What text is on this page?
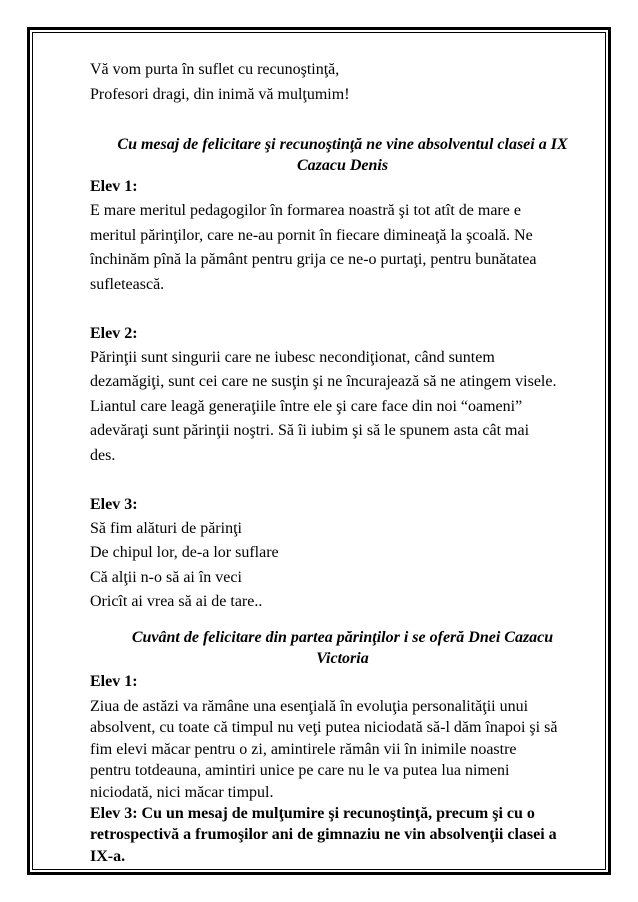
Vă vom purta în suflet cu recunoştinţă,
Profesori dragi, din inimă vă mulţumim!
Cu mesaj de felicitare şi recunoştinţă ne vine absolventul clasei a IX
Cazacu Denis
Elev 1:
E mare meritul pedagogilor în formarea noastră şi tot atît de mare e
meritul părinţilor, care ne-au pornit în fiecare dimineaţă la şcoală. Ne
închinăm pînă la pământ pentru grija ce ne-o purtaţi, pentru bunătatea
sufletească.
Elev 2:
Părinţii sunt singurii care ne iubesc necondiţionat, când suntem
dezamăgiţi, sunt cei care ne susţin şi ne încurajează să ne atingem visele.
Liantul care leagă generaţiile între ele şi care face din noi “oameni”
adevăraţi sunt părinţii noştri. Să îi iubim şi să le spunem asta cât mai
des.
Elev 3:
Să fim alături de părinţi
De chipul lor, de-a lor suflare
Că alţii n-o să ai în veci
Oricît ai vrea să ai de tare..
Cuvânt de felicitare din partea părinţilor i se oferă Dnei Cazacu
Victoria
Elev 1:
Ziua de astăzi va rămâne una esenţială în evoluţia personalităţii unui
absolvent, cu toate că timpul nu veţi putea niciodată să-l dăm înapoi şi să
fim elevi măcar pentru o zi, amintirele rămân vii în inimile noastre
pentru totdeauna, amintiri unice pe care nu le va putea lua nimeni
niciodată, nici măcar timpul.
Elev 3: Cu un mesaj de mulţumire şi recunoştinţă, precum şi cu o
retrospectivă a frumoşilor ani de gimnaziu ne vin absolvenţii clasei a
IX-a.
